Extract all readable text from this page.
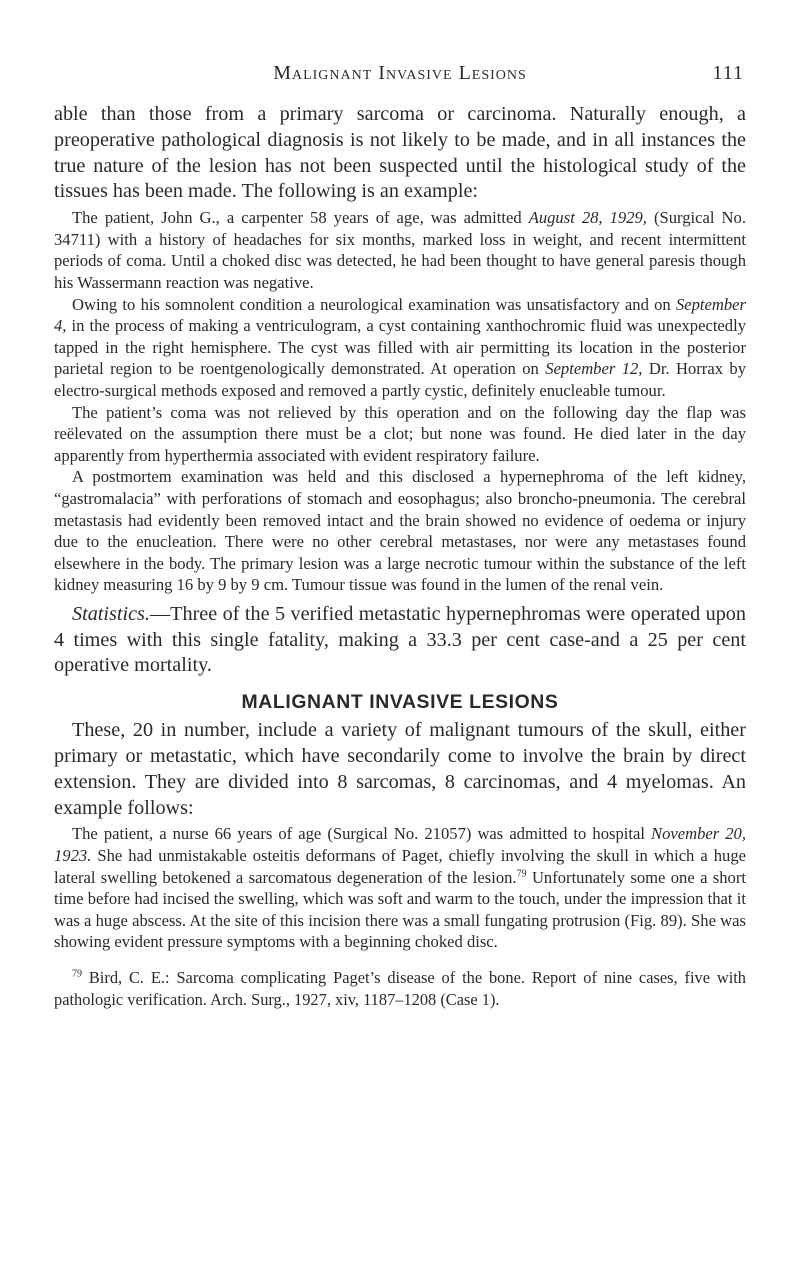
Malignant Invasive Lesions	111

able than those from a primary sarcoma or carcinoma. Naturally enough, a preoperative pathological diagnosis is not likely to be made, and in all instances the true nature of the lesion has not been suspected until the histological study of the tissues has been made. The following is an example:

The patient, John G., a carpenter 58 years of age, was admitted August 28, 1929, (Surgical No. 34711) with a history of headaches for six months, marked loss in weight, and recent intermittent periods of coma. Until a choked disc was detected, he had been thought to have general paresis though his Wassermann reaction was negative.

Owing to his somnolent condition a neurological examination was unsatisfactory and on September 4, in the process of making a ventriculogram, a cyst containing xanthochromic fluid was unexpectedly tapped in the right hemisphere. The cyst was filled with air permitting its location in the posterior parietal region to be roentgenologically demonstrated. At operation on September 12, Dr. Horrax by electro-surgical methods exposed and removed a partly cystic, definitely enucleable tumour.

The patient’s coma was not relieved by this operation and on the following day the flap was reëlevated on the assumption there must be a clot; but none was found. He died later in the day apparently from hyperthermia associated with evident respiratory failure.

A postmortem examination was held and this disclosed a hypernephroma of the left kidney, “gastromalacia” with perforations of stomach and eosophagus; also broncho-pneumonia. The cerebral metastasis had evidently been removed intact and the brain showed no evidence of oedema or injury due to the enucleation. There were no other cerebral metastases, nor were any metastases found elsewhere in the body. The primary lesion was a large necrotic tumour within the substance of the left kidney measuring 16 by 9 by 9 cm. Tumour tissue was found in the lumen of the renal vein.

Statistics.—Three of the 5 verified metastatic hypernephromas were operated upon 4 times with this single fatality, making a 33.3 per cent case-and a 25 per cent operative mortality.

MALIGNANT INVASIVE LESIONS

These, 20 in number, include a variety of malignant tumours of the skull, either primary or metastatic, which have secondarily come to involve the brain by direct extension. They are divided into 8 sarcomas, 8 carcinomas, and 4 myelomas. An example follows:

The patient, a nurse 66 years of age (Surgical No. 21057) was admitted to hospital November 20, 1923. She had unmistakable osteitis deformans of Paget, chiefly involving the skull in which a huge lateral swelling betokened a sarcomatous degeneration of the lesion.$^{79}$ Unfortunately some one a short time before had incised the swelling, which was soft and warm to the touch, under the impression that it was a huge abscess. At the site of this incision there was a small fungating protrusion (Fig. 89). She was showing evident pressure symptoms with a beginning choked disc.

$^{79}$ Bird, C. E.: Sarcoma complicating Paget’s disease of the bone. Report of nine cases, five with pathologic verification. Arch. Surg., 1927, xiv, 1187–1208 (Case 1).
